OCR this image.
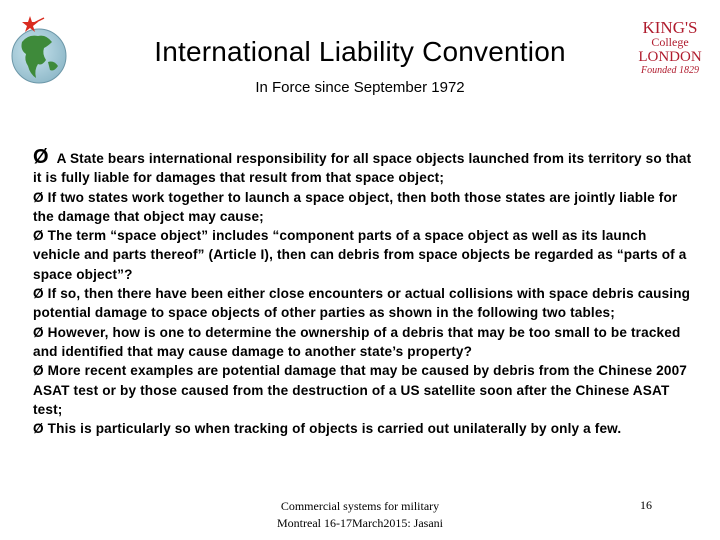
International Liability Convention
In Force since September 1972
KING'S
College
LONDON
Founded 1829

Ø A State bears international responsibility for all space objects launched from its territory so that it is fully liable for damages that result from that space object;

Ø If two states work together to launch a space object, then both those states are jointly liable for the damage that object may cause;

Ø The term “space object” includes “component parts of a space object as well as its launch vehicle and parts thereof” (Article I), then can debris from space objects be regarded as “parts of a space object”?

Ø If so, then there have been either close encounters or actual collisions with space debris causing potential damage to space objects of other parties as shown in the following two tables;

Ø However, how is one to determine the ownership of a debris that may be too small to be tracked and identified that may cause damage to another state’s property?

Ø More recent examples are potential damage that may be caused by debris from the Chinese 2007 ASAT test or by those caused from the destruction of a US satellite soon after the Chinese ASAT test;

Ø This is particularly so when tracking of objects is carried out unilaterally by only a few.

Commercial systems for military
Montreal 16-17March2015: Jasani
16
